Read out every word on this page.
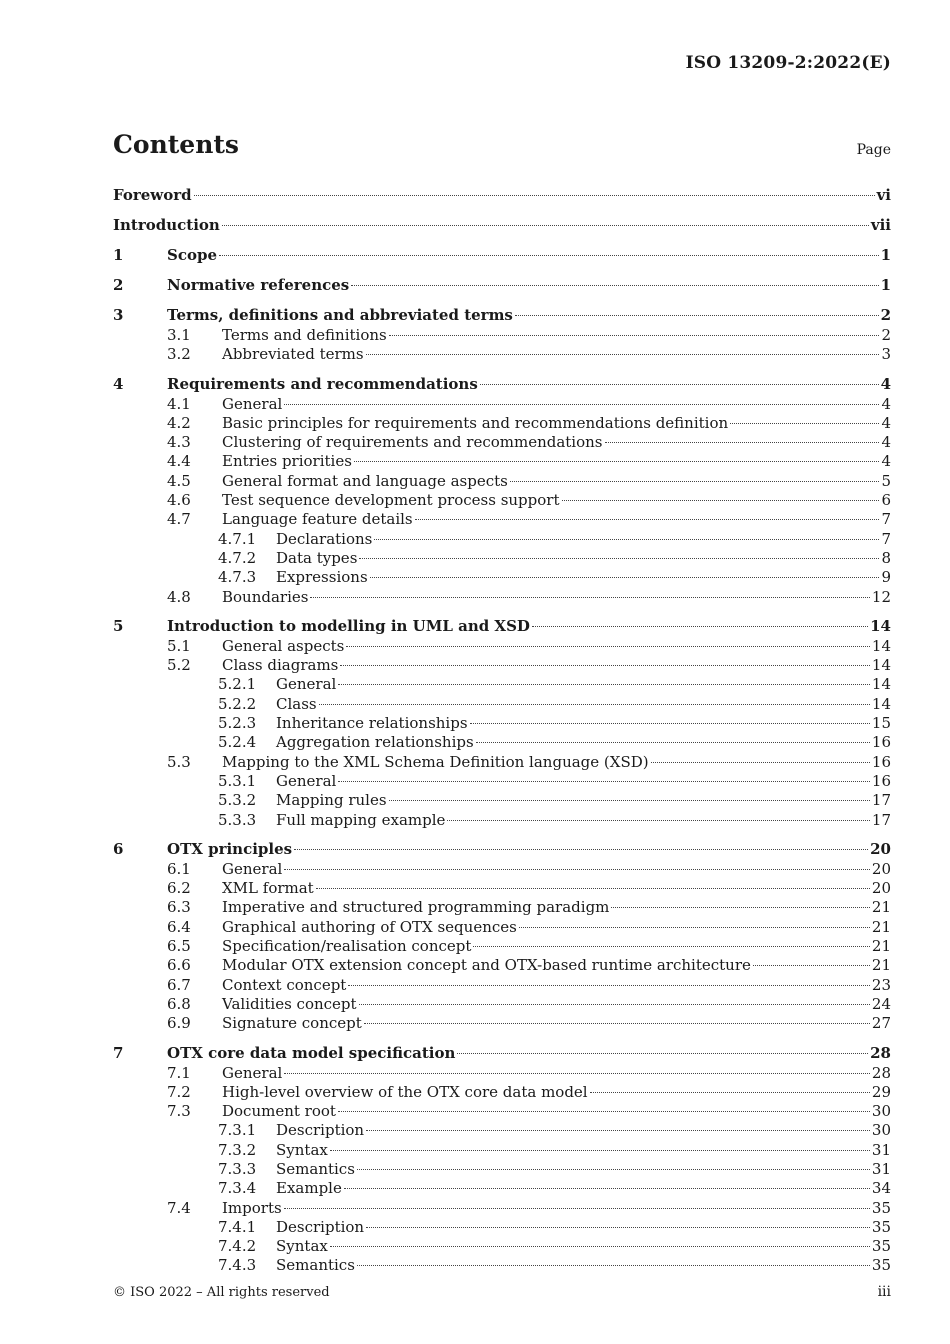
ISO 13209-2:2022(E)
Contents	Page
Foreword	vi
Introduction	vii
1	Scope	1
2	Normative references	1
3	Terms, definitions and abbreviated terms	2
3.1 Terms and definitions	2
3.2 Abbreviated terms	3
4	Requirements and recommendations	4
4.1 General	4
4.2 Basic principles for requirements and recommendations definition	4
4.3 Clustering of requirements and recommendations	4
4.4 Entries priorities	4
4.5 General format and language aspects	5
4.6 Test sequence development process support	6
4.7 Language feature details	7
4.7.1 Declarations	7
4.7.2 Data types	8
4.7.3 Expressions	9
4.8 Boundaries	12
5	Introduction to modelling in UML and XSD	14
5.1 General aspects	14
5.2 Class diagrams	14
5.2.1 General	14
5.2.2 Class	14
5.2.3 Inheritance relationships	15
5.2.4 Aggregation relationships	16
5.3 Mapping to the XML Schema Definition language (XSD)	16
5.3.1 General	16
5.3.2 Mapping rules	17
5.3.3 Full mapping example	17
6	OTX principles	20
6.1 General	20
6.2 XML format	20
6.3 Imperative and structured programming paradigm	21
6.4 Graphical authoring of OTX sequences	21
6.5 Specification/realisation concept	21
6.6 Modular OTX extension concept and OTX-based runtime architecture	21
6.7 Context concept	23
6.8 Validities concept	24
6.9 Signature concept	27
7	OTX core data model specification	28
7.1 General	28
7.2 High-level overview of the OTX core data model	29
7.3 Document root	30
7.3.1 Description	30
7.3.2 Syntax	31
7.3.3 Semantics	31
7.3.4 Example	34
7.4 Imports	35
7.4.1 Description	35
7.4.2 Syntax	35
7.4.3 Semantics	35
© ISO 2022 – All rights reserved	iii
